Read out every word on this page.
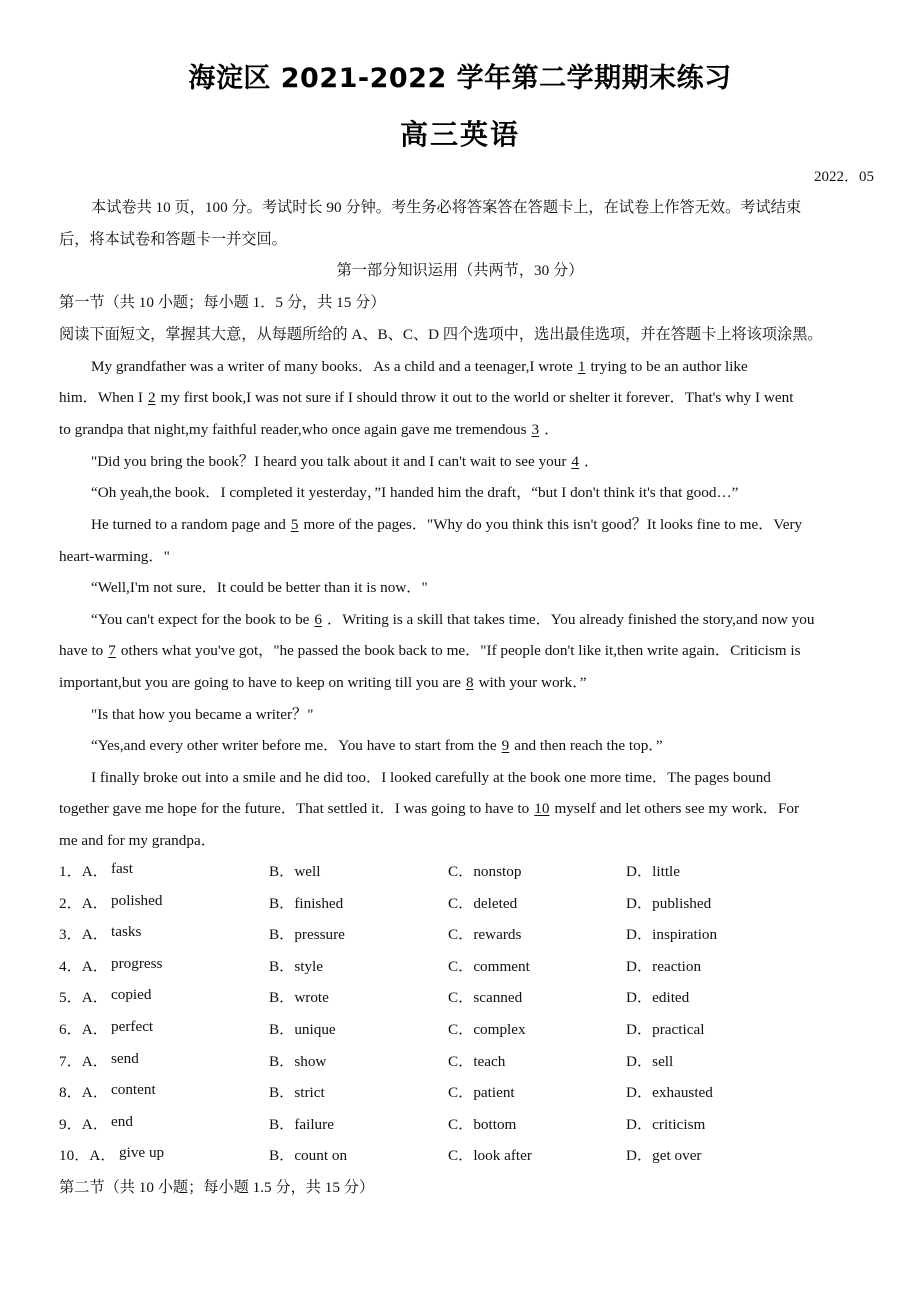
海淀区 2021-2022 学年第二学期期末练习
高三英语
2022．05
本试卷共 10 页，100 分。考试时长 90 分钟。考生务必将答案答在答题卡上，在试卷上作答无效。考试结束
后，将本试卷和答题卡一并交回。
第一部分知识运用（共两节，30 分）
第一节（共 10 小题；每小题 1．5 分，共 15 分）
阅读下面短文，掌握其大意，从每题所给的 A、B、C、D 四个选项中，选出最佳选项，并在答题卡上将该项涂黑。
My grandfather was a writer of many books．As a child and a teenager,I wrote 1 trying to be an author like
him．When I 2 my first book,I was not sure if I should throw it out to the world or shelter it forever．That's why I went
to grandpa that night,my faithful reader,who once again gave me tremendous 3 ．
"Did you bring the book？I heard you talk about it and I can't wait to see your 4 ．
“Oh yeah,the book．I completed it yesterday，”I handed him the draft，“but I don't think it's that good…”
He turned to a random page and 5 more of the pages．"Why do you think this isn't good？It looks fine to me．Very
heart-warming．"
“Well,I'm not sure．It could be better than it is now．"
“You can't expect for the book to be 6 ．Writing is a skill that takes time．You already finished the story,and now you
have to 7 others what you've got，"he passed the book back to me．"If people don't like it,then write again．Criticism is
important,but you are going to have to keep on writing till you are 8 with your work．”
"Is that how you became a writer？"
“Yes,and every other writer before me．You have to start from the 9 and then reach the top．”
I finally broke out into a smile and he did too．I looked carefully at the book one more time．The pages bound
together gave me hope for the future．That settled it．I was going to have to 10 myself and let others see my work．For
me and for my grandpa．
1．A． fast	B．well	C．nonstop	D．little
2．A． polished	B．finished	C．deleted	D．published
3．A． tasks	B．pressure	C．rewards	D．inspiration
4．A． progress	B．style	C．comment	D．reaction
5．A． copied	B．wrote	C．scanned	D．edited
6．A． perfect	B．unique	C．complex	D．practical
7．A． send	B．show	C．teach	D．sell
8．A． content	B．strict	C．patient	D．exhausted
9．A． end	B．failure	C．bottom	D．criticism
10．A． give up	B．count on	C．look after	D．get over
第二节（共 10 小题；每小题 1.5 分，共 15 分）
